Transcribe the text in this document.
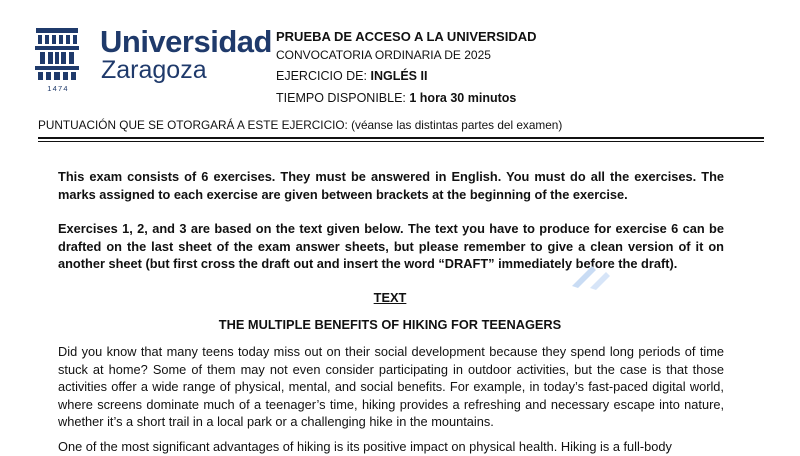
1474
Universidad
Zaragoza
PRUEBA DE ACCESO A LA UNIVERSIDAD
CONVOCATORIA ORDINARIA DE 2025
EJERCICIO DE: INGLÉS II
TIEMPO DISPONIBLE: 1 hora 30 minutos
PUNTUACIÓN QUE SE OTORGARÁ A ESTE EJERCICIO: (véanse las distintas partes del examen)
This exam consists of 6 exercises. They must be answered in English. You must do all the exercises. The marks assigned to each exercise are given between brackets at the beginning of the exercise.
Exercises 1, 2, and 3 are based on the text given below. The text you have to produce for exercise 6 can be drafted on the last sheet of the exam answer sheets, but please remember to give a clean version of it on another sheet (but first cross the draft out and insert the word “DRAFT” immediately before the draft).
TEXT
THE MULTIPLE BENEFITS OF HIKING FOR TEENAGERS
Did you know that many teens today miss out on their social development because they spend long periods of time stuck at home? Some of them may not even consider participating in outdoor activities, but the case is that those activities offer a wide range of physical, mental, and social benefits. For example, in today’s fast-paced digital world, where screens dominate much of a teenager’s time, hiking provides a refreshing and necessary escape into nature, whether it’s a short trail in a local park or a challenging hike in the mountains.
One of the most significant advantages of hiking is its positive impact on physical health. Hiking is a full-body
